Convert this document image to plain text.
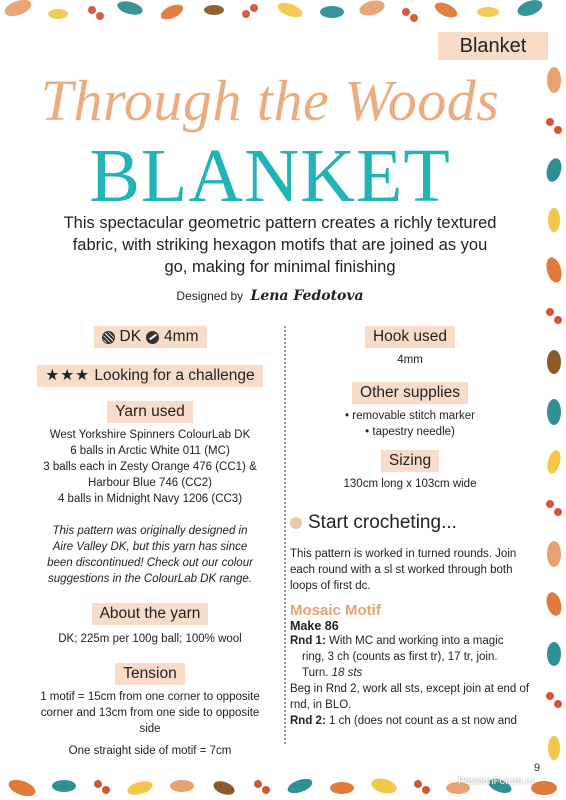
Blanket
Through the Woods
BLANKET
This spectacular geometric pattern creates a richly textured fabric, with striking hexagon motifs that are joined as you go, making for minimal finishing
Designed by Lena Fedotova
DK 4mm
★★★ Looking for a challenge
Yarn used
West Yorkshire Spinners ColourLab DK
6 balls in Arctic White 011 (MC)
3 balls each in Zesty Orange 476 (CC1) &
Harbour Blue 746 (CC2)
4 balls in Midnight Navy 1206 (CC3)
This pattern was originally designed in
Aire Valley DK, but this yarn has since
been discontinued! Check out our colour
suggestions in the ColourLab DK range.
About the yarn
DK; 225m per 100g ball; 100% wool
Tension
1 motif = 15cm from one corner to opposite
corner and 13cm from one side to opposite side
One straight side of motif = 7cm
Hook used
4mm
Other supplies
• removable stitch marker
• tapestry needle)
Sizing
130cm long x 103cm wide
Start crocheting...
This pattern is worked in turned rounds. Join each round with a sl st worked through both loops of first dc.
Mosaic Motif
Make 86
Rnd 1: With MC and working into a magic
ring, 3 ch (counts as first tr), 17 tr, join.
Turn. 18 sts
Beg in Rnd 2, work all sts, except join at end of rnd, in BLO.
Rnd 2: 1 ch (does not count as a st now and
9
PassionForum.ru
